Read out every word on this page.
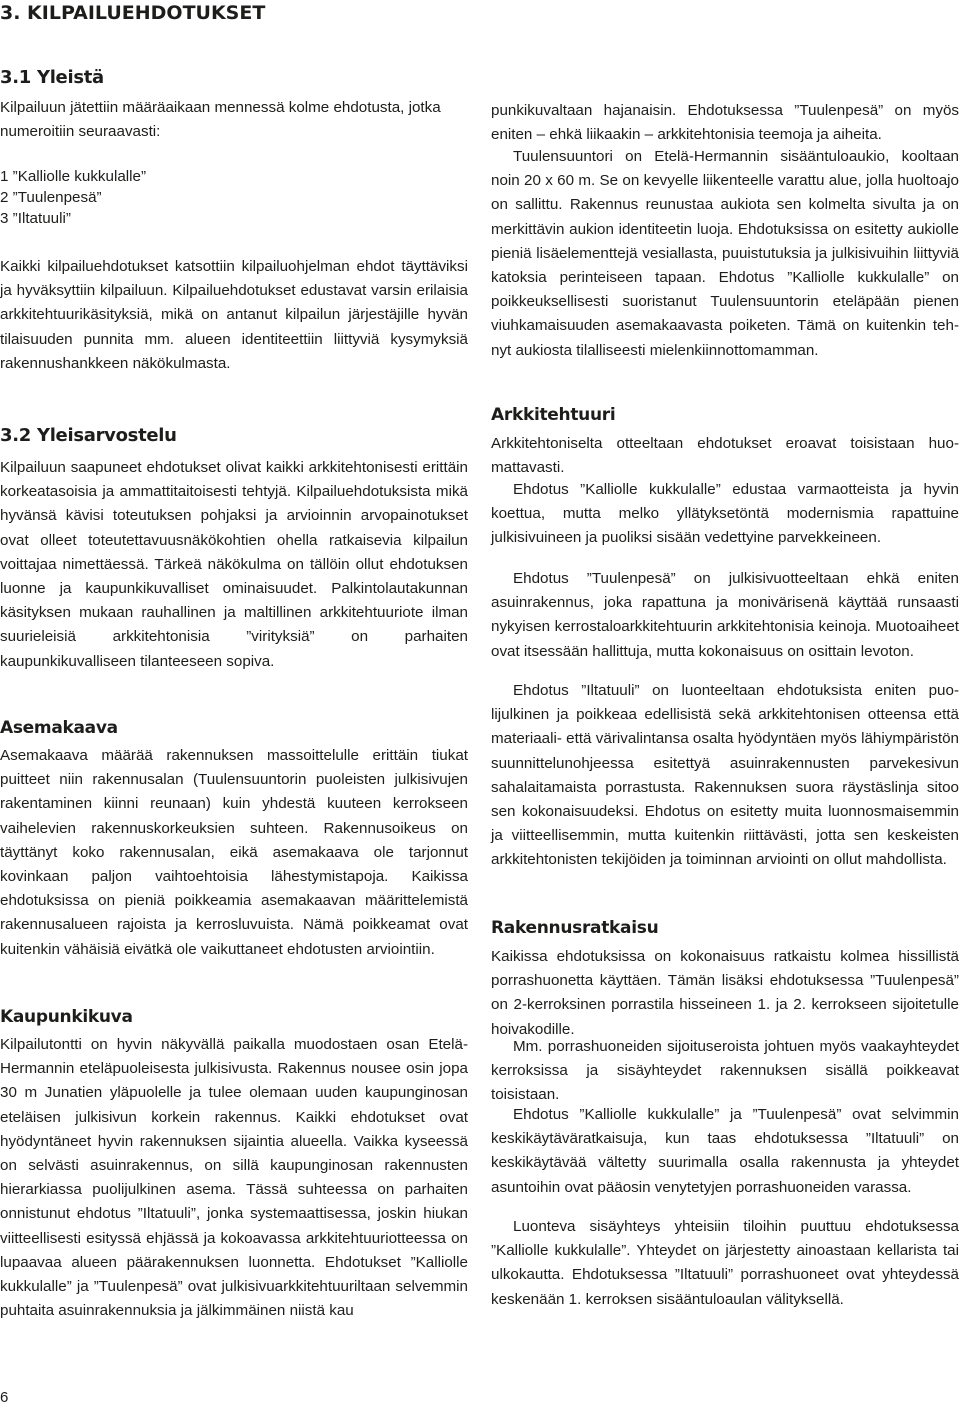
3. KILPAILUEHDOTUKSET
3.1 Yleistä

Kilpailuun jätettiin määräaikaan mennessä kolme ehdotusta, jotka numeroitiin seuraavasti:

1 ”Kalliolle kukkulalle”
2 ”Tuulenpesä”
3 ”Iltatuuli”

Kaikki kilpailuehdotukset katsottiin kilpailuohjelman ehdot täyttäviksi ja hyväksyttiin kilpailuun. Kilpailuehdotukset edustavat varsin erilaisia arkkitehtuurikäsityksiä, mikä on antanut kilpailun järjestäjille hyvän tilaisuuden punnita mm. alueen identiteettiin liittyviä kysymyksiä rakennushankkeen näkökulmasta.

3.2 Yleisarvostelu

Kilpailuun saapuneet ehdotukset olivat kaikki arkkitehtonisesti erittäin korkeatasoisia ja ammattitaitoisesti tehtyjä. Kilpailuehdotuksista mikä hyvänsä kävisi toteutuksen pohjaksi ja arvioinnin arvopainotukset ovat olleet toteutettavuusnäkökohtien ohella ratkaisevia kilpailun voittajaa nimettäessä. Tärkeä näkökulma on tällöin ollut ehdotuksen luonne ja kaupunkikuvalliset ominaisuudet. Palkintolautakunnan käsityksen mukaan rauhallinen ja maltillinen arkkitehtuuriote ilman suurieleisiä arkkitehtonisia ”virityksiä” on parhaiten kaupunkikuvalliseen tilanteeseen sopiva.

Asemakaava

Asemakaava määrää rakennuksen massoittelulle erittäin tiukat puitteet niin rakennusalan (Tuulensuuntorin puoleisten julkisivujen rakentaminen kiinni reunaan) kuin yhdestä kuuteen kerrokseen vaihelevien rakennuskorkeuksien suhteen. Rakennusoikeus on täyttänyt koko rakennusalan, eikä asemakaava ole tarjonnut kovinkaan paljon vaihtoehtoisia lähestymistapoja. Kaikissa ehdotuksissa on pieniä poikkeamia asemakaavan määrittelemistä rakennusalueen rajoista ja kerrosluvuista. Nämä poikkeamat ovat kuitenkin vähäisiä eivätkä ole vaikuttaneet ehdotusten arviointiin.

Kaupunkikuva

Kilpailutontti on hyvin näkyvällä paikalla muodostaen osan Etelä-Hermannin eteläpuoleisesta julkisivusta. Rakennus nousee osin jopa 30 m Junatien yläpuolelle ja tulee olemaan uuden kaupunginosan eteläisen julkisivun korkein rakennus. Kaikki ehdotukset ovat hyödyntäneet hyvin rakennuksen sijaintia alueella. Vaikka kyseessä on selvästi asuinrakennus, on sillä kaupunginosan rakennusten hierarkiassa puolijulkinen asema. Tässä suhteessa on parhaiten onnistunut ehdotus ”Iltatuuli”, jonka systemaattisessa, joskin hiukan viitteellisesti esityssä ehjässä ja kokoavassa arkkitehtuuriotteessa on lupaavaa alueen päärakennuksen luonnetta. Ehdotukset ”Kalliolle kukkulalle” ja ”Tuulenpesä” ovat julkisivuarkkitehtuuriltaan selvemmin puhtaita asuinrakennuksia ja jälkimmäinen niistä kau

punkikuvaltaan hajanaisin. Ehdotuksessa ”Tuulenpesä” on myös eniten – ehkä liikaakin – arkkitehtonisia teemoja ja aiheita.

Tuulensuuntori on Etelä-Hermannin sisääntuloaukio, kooltaan noin 20 x 60 m. Se on kevyelle liikenteelle varattu alue, jolla huoltoajo on sallittu. Rakennus reunustaa aukiota sen kolmelta sivulta ja on merkittävin aukion identiteetin luoja. Ehdotuksissa on esitetty aukiolle pieniä lisäelementtejä vesiallasta, puuistutuksia ja julkisivuihin liittyviä katoksia perinteiseen tapaan. Ehdotus ”Kalliolle kukkulalle” on poikkeuksellisesti suoristanut Tuulensuuntorin eteläpään pienen viuhkamaisuuden asemakaavasta poiketen. Tämä on kuitenkin tehnyt aukiosta tilalliseesti mielenkiinnottomamman.

Arkkitehtuuri

Arkkitehtoniselta otteeltaan ehdotukset eroavat toisistaan huomattavasti.

Ehdotus ”Kalliolle kukkulalle” edustaa varmaotteista ja hyvin koettua, mutta melko yllätyksetöntä modernismia rapattuine julkisivuineen ja puoliksi sisään vedettyine parvekkeineen.

Ehdotus ”Tuulenpesä” on julkisivuotteeltaan ehkä eniten asuinrakennus, joka rapattuna ja monivärisenä käyttää runsaasti nykyisen kerrostaloarkkitehtuurin arkkitehtonisia keinoja. Muotoaiheet ovat itsessään hallittuja, mutta kokonaisuus on osittain levoton.

Ehdotus ”Iltatuuli” on luonteeltaan ehdotuksista eniten puolijulkinen ja poikkeaa edellisistä sekä arkkitehtonisen otteensa että materiaali- että värivalintansa osalta hyödyntäen myös lähiympäristön suunnittelunohjeessa esitettyä asuinrakennusten parvekesivun sahalaitamaista porrastusta. Rakennuksen suora räystäslinja sitoo sen kokonaisuudeksi. Ehdotus on esitetty muita luonnosmaisemmin ja viitteellisemmin, mutta kuitenkin riittävästi, jotta sen keskeisten arkkitehtonisten tekijöiden ja toiminnan arviointi on ollut mahdollista.

Rakennusratkaisu

Kaikissa ehdotuksissa on kokonaisuus ratkaistu kolmea hissillistä porrashuonetta käyttäen. Tämän lisäksi ehdotuksessa ”Tuulenpesä” on 2-kerroksinen porrastila hisseineen 1. ja 2. kerrokseen sijoitetulle hoivakodille.

Mm. porrashuoneiden sijoituseroista johtuen myös vaakayhteydet kerroksissa ja sisäyhteydet rakennuksen sisällä poikkeavat toisistaan.

Ehdotus ”Kalliolle kukkulalle” ja ”Tuulenpesä” ovat selvimmin keskikäytäväratkaisuja, kun taas ehdotuksessa ”Iltatuuli” on keskikäytävää vältetty suurimalla osalla rakennusta ja yhteydet asuntoihin ovat pääosin venytetyjen porrashuoneiden varassa.

Luonteva sisäyhteys yhteisiin tiloihin puuttuu ehdotuksessa ”Kalliolle kukkulalle”. Yhteydet on järjestetty ainoastaan kellarista tai ulkokautta. Ehdotuksessa ”Iltatuuli” porrashuoneet ovat yhteydessä keskenään 1. kerroksen sisääntuloaulan välityksellä.

6
